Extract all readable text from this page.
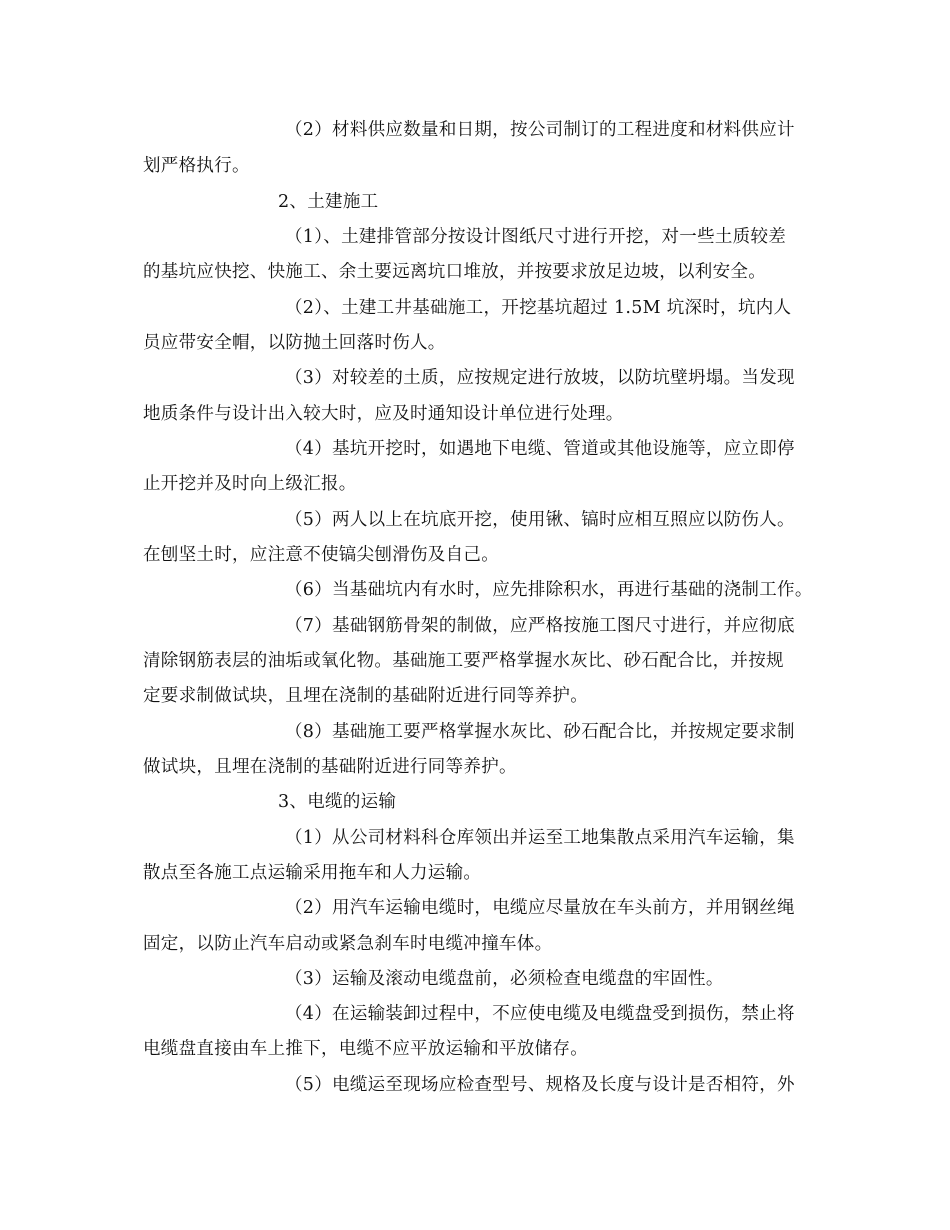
（2）材料供应数量和日期，按公司制订的工程进度和材料供应计
划严格执行。
2、土建施工
（1）、土建排管部分按设计图纸尺寸进行开挖，对一些土质较差
的基坑应快挖、快施工、余土要远离坑口堆放，并按要求放足边坡，以利安全。
（2）、土建工井基础施工，开挖基坑超过 1.5M 坑深时，坑内人
员应带安全帽，以防抛土回落时伤人。
（3）对较差的土质，应按规定进行放坡，以防坑壁坍塌。当发现
地质条件与设计出入较大时，应及时通知设计单位进行处理。
（4）基坑开挖时，如遇地下电缆、管道或其他设施等，应立即停
止开挖并及时向上级汇报。
（5）两人以上在坑底开挖，使用锹、镐时应相互照应以防伤人。
在刨坚土时，应注意不使镐尖刨滑伤及自己。
（6）当基础坑内有水时，应先排除积水，再进行基础的浇制工作。
（7）基础钢筋骨架的制做，应严格按施工图尺寸进行，并应彻底
清除钢筋表层的油垢或氧化物。基础施工要严格掌握水灰比、砂石配合比，并按规
定要求制做试块，且埋在浇制的基础附近进行同等养护。
（8）基础施工要严格掌握水灰比、砂石配合比，并按规定要求制
做试块，且埋在浇制的基础附近进行同等养护。
3、电缆的运输
（1）从公司材料科仓库领出并运至工地集散点采用汽车运输，集
散点至各施工点运输采用拖车和人力运输。
（2）用汽车运输电缆时，电缆应尽量放在车头前方，并用钢丝绳
固定，以防止汽车启动或紧急刹车时电缆冲撞车体。
（3）运输及滚动电缆盘前，必须检查电缆盘的牢固性。
（4）在运输装卸过程中，不应使电缆及电缆盘受到损伤，禁止将
电缆盘直接由车上推下，电缆不应平放运输和平放储存。
（5）电缆运至现场应检查型号、规格及长度与设计是否相符，外
